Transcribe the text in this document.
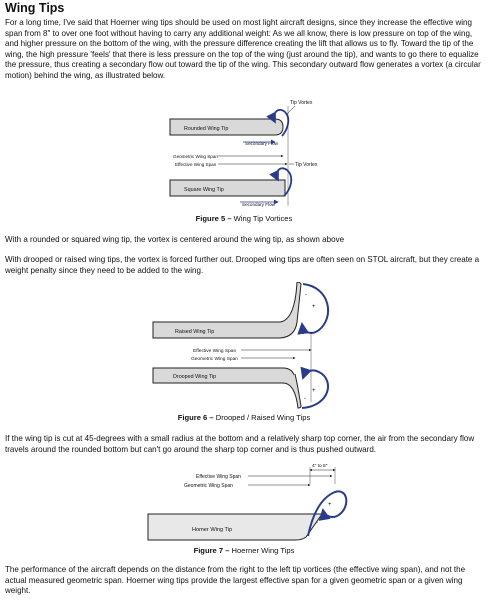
Wing Tips

For a long time, I've said that Hoerner wing tips should be used on most light aircraft designs, since they increase the effective wing span from 8" to over one foot without having to carry any additional weight: As we all know, there is low pressure on top of the wing, and higher pressure on the bottom of the wing, with the pressure difference creating the lift that allows us to fly. Toward the tip of the wing, the high pressure 'feels' that there is less pressure on the top of the wing (just around the tip), and wants to go there to equalize the pressure, thus creating a secondary flow out toward the tip of the wing. This secondary outward flow generates a vortex (a circular motion) behind the wing, as illustrated below.

Rounded Wing Tip
Tip Vortex
Secondary Flow
Geometric Wing Span
Effective Wing Span	Tip Vortex
Square Wing Tip
Secondary Flow

Figure 5 – Wing Tip Vortices

With a rounded or squared wing tip, the vortex is centered around the wing tip, as shown above

With drooped or raised wing tips, the vortex is forced further out. Drooped wing tips are often seen on STOL aircraft, but they create a weight penalty since they need to be added to the wing.

Raised Wing Tip
+
-
Effective Wing Span
Geometric Wing Span
Drooped Wing Tip
+
-

Figure 6 – Drooped / Raised Wing Tips

If the wing tip is cut at 45-degrees with a small radius at the bottom and a relatively sharp top corner, the air from the secondary flow travels around the rounded bottom but can't go around the sharp top corner and is thus pushed outward.

4" to 8"
Effective Wing Span
Geometric Wing Span
Homer Wing Tip
+
-

Figure 7 – Hoerner Wing Tips

The performance of the aircraft depends on the distance from the right to the left tip vortices (the effective wing span), and not the actual measured geometric span. Hoerner wing tips provide the largest effective span for a given geometric span or a given wing weight.
